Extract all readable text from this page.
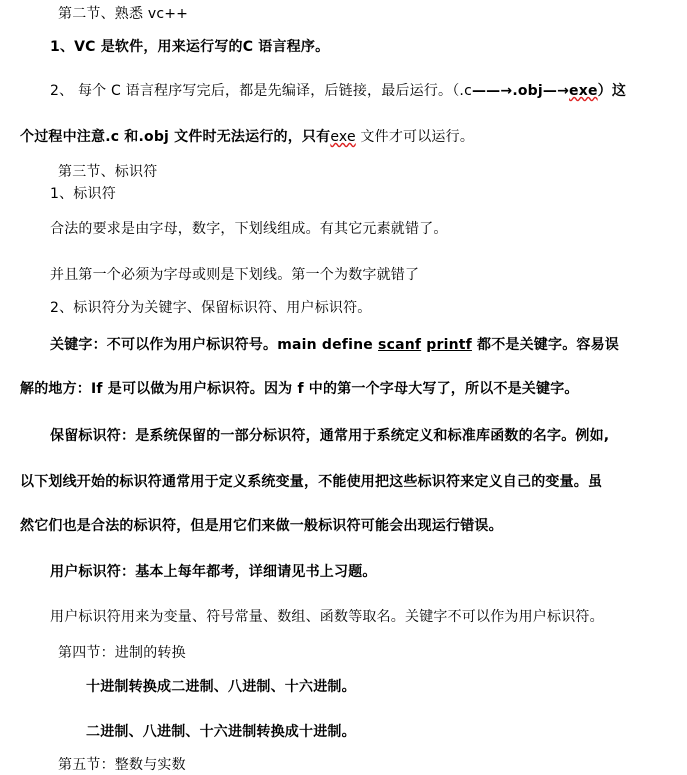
第二节、熟悉 vc++
1、VC 是软件，用来运行写的C 语言程序。
2、 每个 C 语言程序写完后，都是先编译，后链接，最后运行。（.c——→.obj—→exe）这
个过程中注意.c 和.obj 文件时无法运行的，只有exe 文件才可以运行。
第三节、标识符
1、标识符
合法的要求是由字母，数字，下划线组成。有其它元素就错了。
并且第一个必须为字母或则是下划线。第一个为数字就错了
2、标识符分为关键字、保留标识符、用户标识符。
关键字：不可以作为用户标识符号。main define scanf printf 都不是关键字。容易误
解的地方：If 是可以做为用户标识符。因为 f 中的第一个字母大写了，所以不是关键字。
保留标识符：是系统保留的一部分标识符，通常用于系统定义和标准库函数的名字。例如,
以下划线开始的标识符通常用于定义系统变量，不能使用把这些标识符来定义自己的变量。虽
然它们也是合法的标识符，但是用它们来做一般标识符可能会出现运行错误。
用户标识符：基本上每年都考，详细请见书上习题。
用户标识符用来为变量、符号常量、数组、函数等取名。关键字不可以作为用户标识符。
第四节：进制的转换
十进制转换成二进制、八进制、十六进制。
二进制、八进制、十六进制转换成十进制。
第五节：整数与实数
